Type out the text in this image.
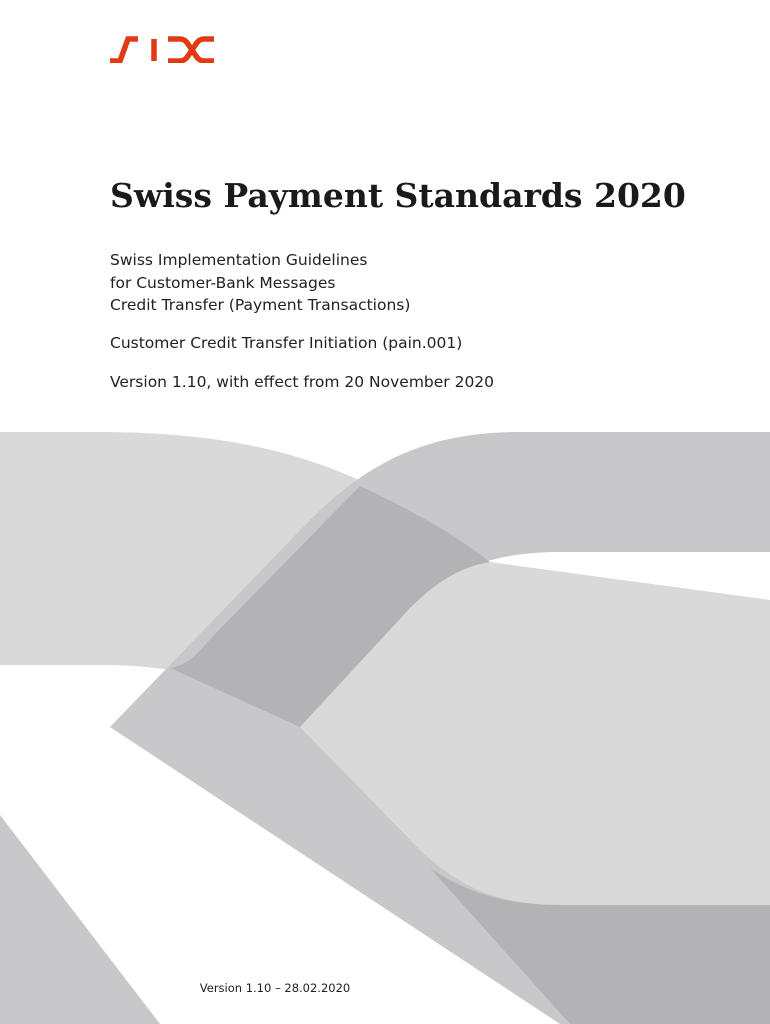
Swiss Payment Standards 2020

Swiss Implementation Guidelines
for Customer-Bank Messages
Credit Transfer (Payment Transactions)

Customer Credit Transfer Initiation (pain.001)

Version 1.10, with effect from 20 November 2020

Version 1.10 – 28.02.2020
